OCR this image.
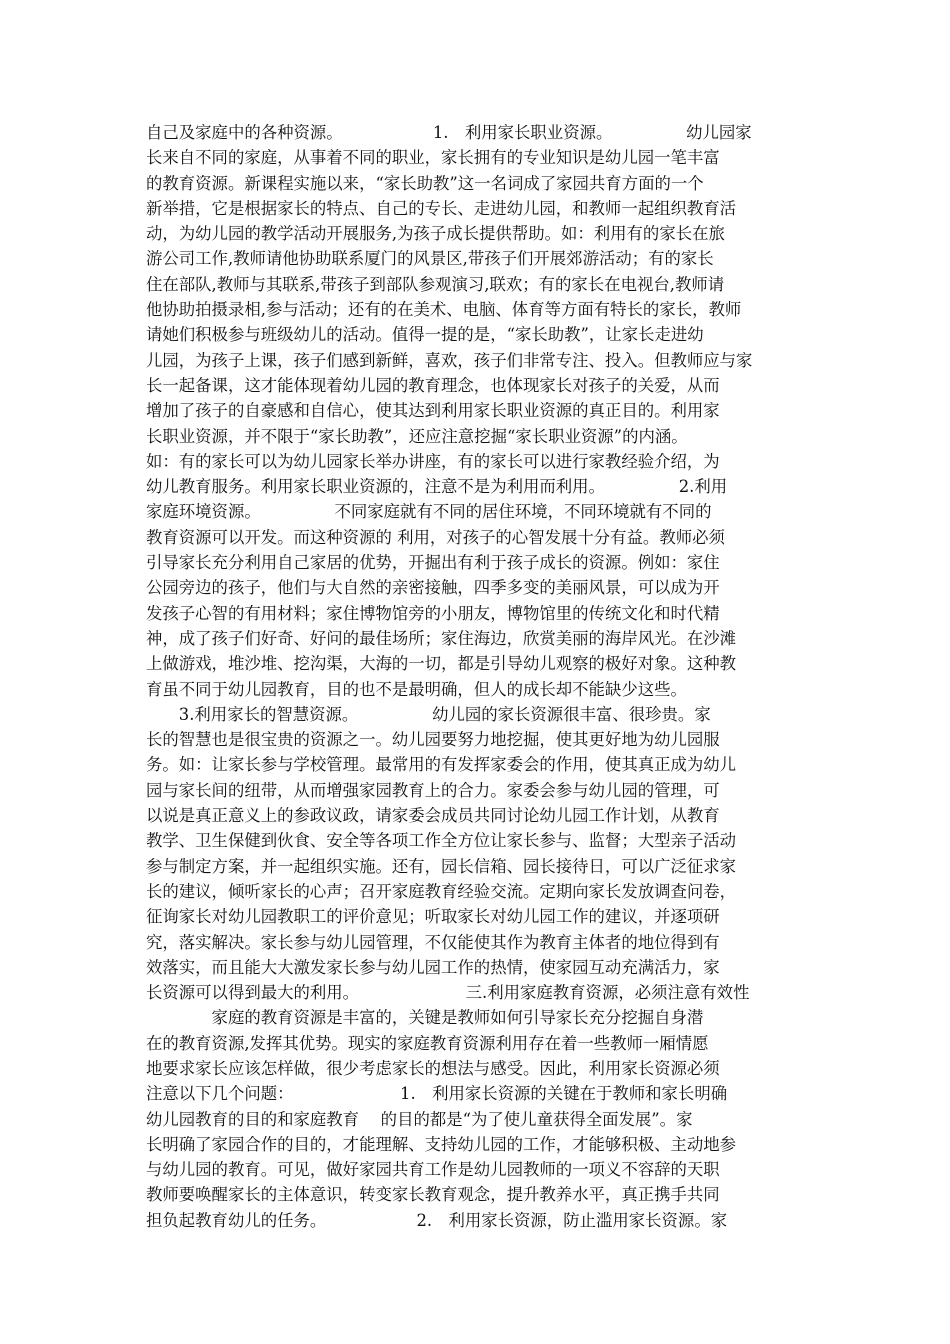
自己及家庭中的各种资源。　　　　　　1.　利用家长职业资源。　　　　　幼儿园家
长来自不同的家庭，从事着不同的职业，家长拥有的专业知识是幼儿园一笔丰富
的教育资源。新课程实施以来，“家长助教”这一名词成了家园共育方面的一个
新举措，它是根据家长的特点、自己的专长、走进幼儿园，和教师一起组织教育活
动，为幼儿园的教学活动开展服务,为孩子成长提供帮助。如：利用有的家长在旅
游公司工作,教师请他协助联系厦门的风景区,带孩子们开展郊游活动；有的家长
住在部队,教师与其联系,带孩子到部队参观演习,联欢；有的家长在电视台,教师请
他协助拍摄录相,参与活动；还有的在美术、电脑、体育等方面有特长的家长，教师
请她们积极参与班级幼儿的活动。值得一提的是，“家长助教”，让家长走进幼
儿园，为孩子上课，孩子们感到新鲜，喜欢，孩子们非常专注、投入。但教师应与家
长一起备课，这才能体现着幼儿园的教育理念，也体现家长对孩子的关爱，从而
增加了孩子的自豪感和自信心，使其达到利用家长职业资源的真正目的。利用家
长职业资源，并不限于“家长助教”，还应注意挖掘“家长职业资源”的内涵。
如：有的家长可以为幼儿园家长举办讲座，有的家长可以进行家教经验介绍，为
幼儿教育服务。利用家长职业资源的，注意不是为利用而利用。　　　　　2.利用
家庭环境资源。　　　　　不同家庭就有不同的居住环境，不同环境就有不同的
教育资源可以开发。而这种资源的 利用，对孩子的心智发展十分有益。教师必须
引导家长充分利用自己家居的优势，开掘出有利于孩子成长的资源。例如：家住
公园旁边的孩子，他们与大自然的亲密接触，四季多变的美丽风景，可以成为开
发孩子心智的有用材料；家住博物馆旁的小朋友，博物馆里的传统文化和时代精
神，成了孩子们好奇、好问的最佳场所；家住海边，欣赏美丽的海岸风光。在沙滩
上做游戏，堆沙堆、挖沟渠，大海的一切，都是引导幼儿观察的极好对象。这种教
育虽不同于幼儿园教育，目的也不是最明确，但人的成长却不能缺少这些。
　　3.利用家长的智慧资源。　　　　　幼儿园的家长资源很丰富、很珍贵。家
长的智慧也是很宝贵的资源之一。幼儿园要努力地挖掘，使其更好地为幼儿园服
务。如：让家长参与学校管理。最常用的有发挥家委会的作用，使其真正成为幼儿
园与家长间的纽带，从而增强家园教育上的合力。家委会参与幼儿园的管理，可
以说是真正意义上的参政议政，请家委会成员共同讨论幼儿园工作计划，从教育
教学、卫生保健到伙食、安全等各项工作全方位让家长参与、监督；大型亲子活动
参与制定方案，并一起组织实施。还有，园长信箱、园长接待日，可以广泛征求家
长的建议，倾听家长的心声；召开家庭教育经验交流。定期向家长发放调查问卷，
征询家长对幼儿园教职工的评价意见；听取家长对幼儿园工作的建议，并逐项研
究，落实解决。家长参与幼儿园管理，不仅能使其作为教育主体者的地位得到有
效落实，而且能大大激发家长参与幼儿园工作的热情，使家园互动充满活力，家
长资源可以得到最大的利用。　　　　　　　三.利用家庭教育资源，必须注意有效性
　　　　家庭的教育资源是丰富的，关键是教师如何引导家长充分挖掘自身潜
在的教育资源,发挥其优势。现实的家庭教育资源利用存在着一些教师一厢情愿
地要求家长应该怎样做，很少考虑家长的想法与感受。因此，利用家长资源必须
注意以下几个问题：　　　　　　　1.　利用家长资源的关键在于教师和家长明确
幼儿园教育的目的和家庭教育　 的目的都是“为了使儿童获得全面发展”。家
长明确了家园合作的目的，才能理解、支持幼儿园的工作，才能够积极、主动地参
与幼儿园的教育。可见，做好家园共育工作是幼儿园教师的一项义不容辞的天职
教师要唤醒家长的主体意识，转变家长教育观念，提升教养水平，真正携手共同
担负起教育幼儿的任务。　　　　　　2.　利用家长资源，防止滥用家长资源。家
